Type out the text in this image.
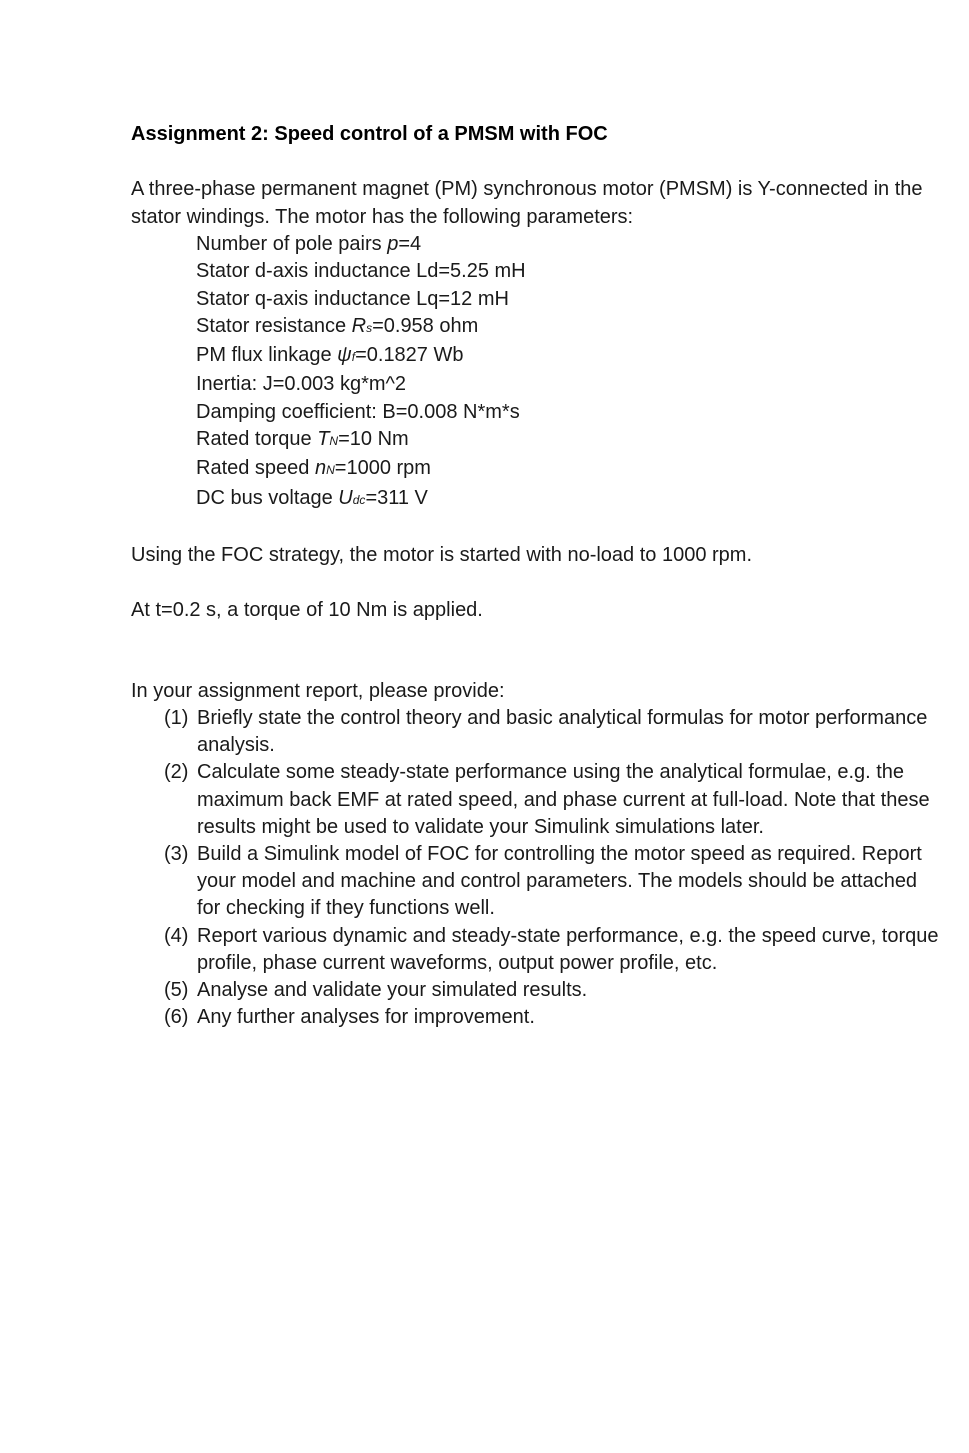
Assignment 2: Speed control of a PMSM with FOC

A three-phase permanent magnet (PM) synchronous motor (PMSM) is Y-connected in the stator windings. The motor has the following parameters:

Number of pole pairs p=4
Stator d-axis inductance Ld=5.25 mH
Stator q-axis inductance Lq=12 mH
Stator resistance Rs=0.958 ohm
PM flux linkage ψf=0.1827 Wb
Inertia: J=0.003 kg*m^2
Damping coefficient: B=0.008 N*m*s
Rated torque TN=10 Nm
Rated speed nN=1000 rpm
DC bus voltage Udc=311 V

Using the FOC strategy, the motor is started with no-load to 1000 rpm.

At t=0.2 s, a torque of 10 Nm is applied.

In your assignment report, please provide:

(1) Briefly state the control theory and basic analytical formulas for motor performance analysis.
(2) Calculate some steady-state performance using the analytical formulae, e.g. the maximum back EMF at rated speed, and phase current at full-load. Note that these results might be used to validate your Simulink simulations later.
(3) Build a Simulink model of FOC for controlling the motor speed as required. Report your model and machine and control parameters. The models should be attached for checking if they functions well.
(4) Report various dynamic and steady-state performance, e.g. the speed curve, torque profile, phase current waveforms, output power profile, etc.
(5) Analyse and validate your simulated results.
(6) Any further analyses for improvement.
